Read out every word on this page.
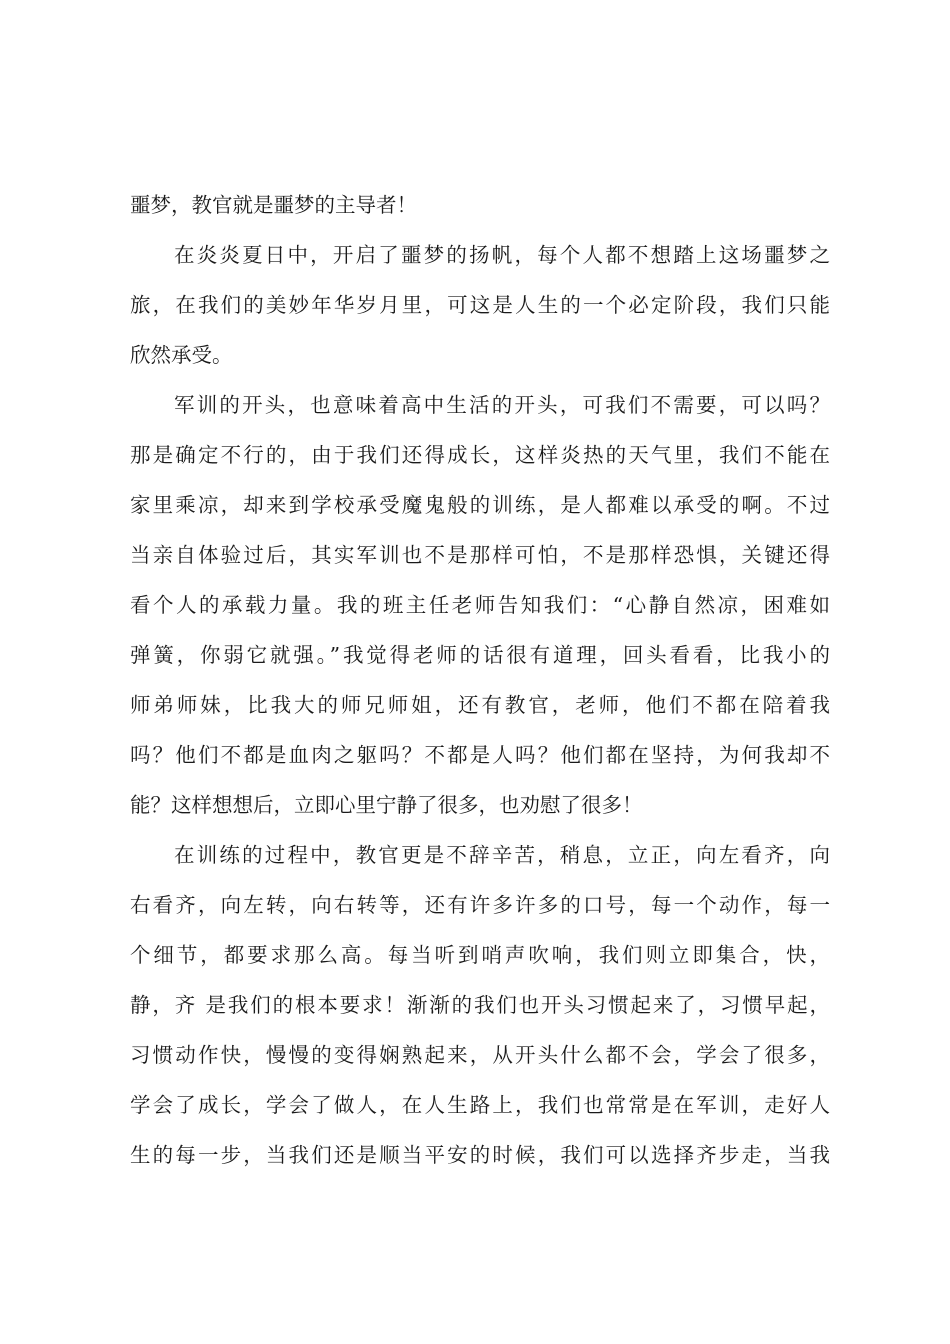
噩梦，教官就是噩梦的主导者！
在炎炎夏日中，开启了噩梦的扬帆，每个人都不想踏上这场噩梦之
旅，在我们的美妙年华岁月里，可这是人生的一个必定阶段，我们只能
欣然承受。
军训的开头，也意味着高中生活的开头，可我们不需要，可以吗？
那是确定不行的，由于我们还得成长，这样炎热的天气里，我们不能在
家里乘凉，却来到学校承受魔鬼般的训练，是人都难以承受的啊。不过
当亲自体验过后，其实军训也不是那样可怕，不是那样恐惧，关键还得
看个人的承载力量。我的班主任老师告知我们：“心静自然凉，困难如
弹簧，你弱它就强。”我觉得老师的话很有道理，回头看看，比我小的
师弟师妹，比我大的师兄师姐，还有教官，老师，他们不都在陪着我
吗？他们不都是血肉之躯吗？不都是人吗？他们都在坚持，为何我却不
能？这样想想后，立即心里宁静了很多，也劝慰了很多！
在训练的过程中，教官更是不辞辛苦，稍息，立正，向左看齐，向
右看齐，向左转，向右转等，还有许多许多的口号，每一个动作，每一
个细节，都要求那么高。每当听到哨声吹响，我们则立即集合，快，
静，齐 是我们的根本要求！渐渐的我们也开头习惯起来了，习惯早起，
习惯动作快，慢慢的变得娴熟起来，从开头什么都不会，学会了很多，
学会了成长，学会了做人，在人生路上，我们也常常是在军训，走好人
生的每一步，当我们还是顺当平安的时候，我们可以选择齐步走，当我
